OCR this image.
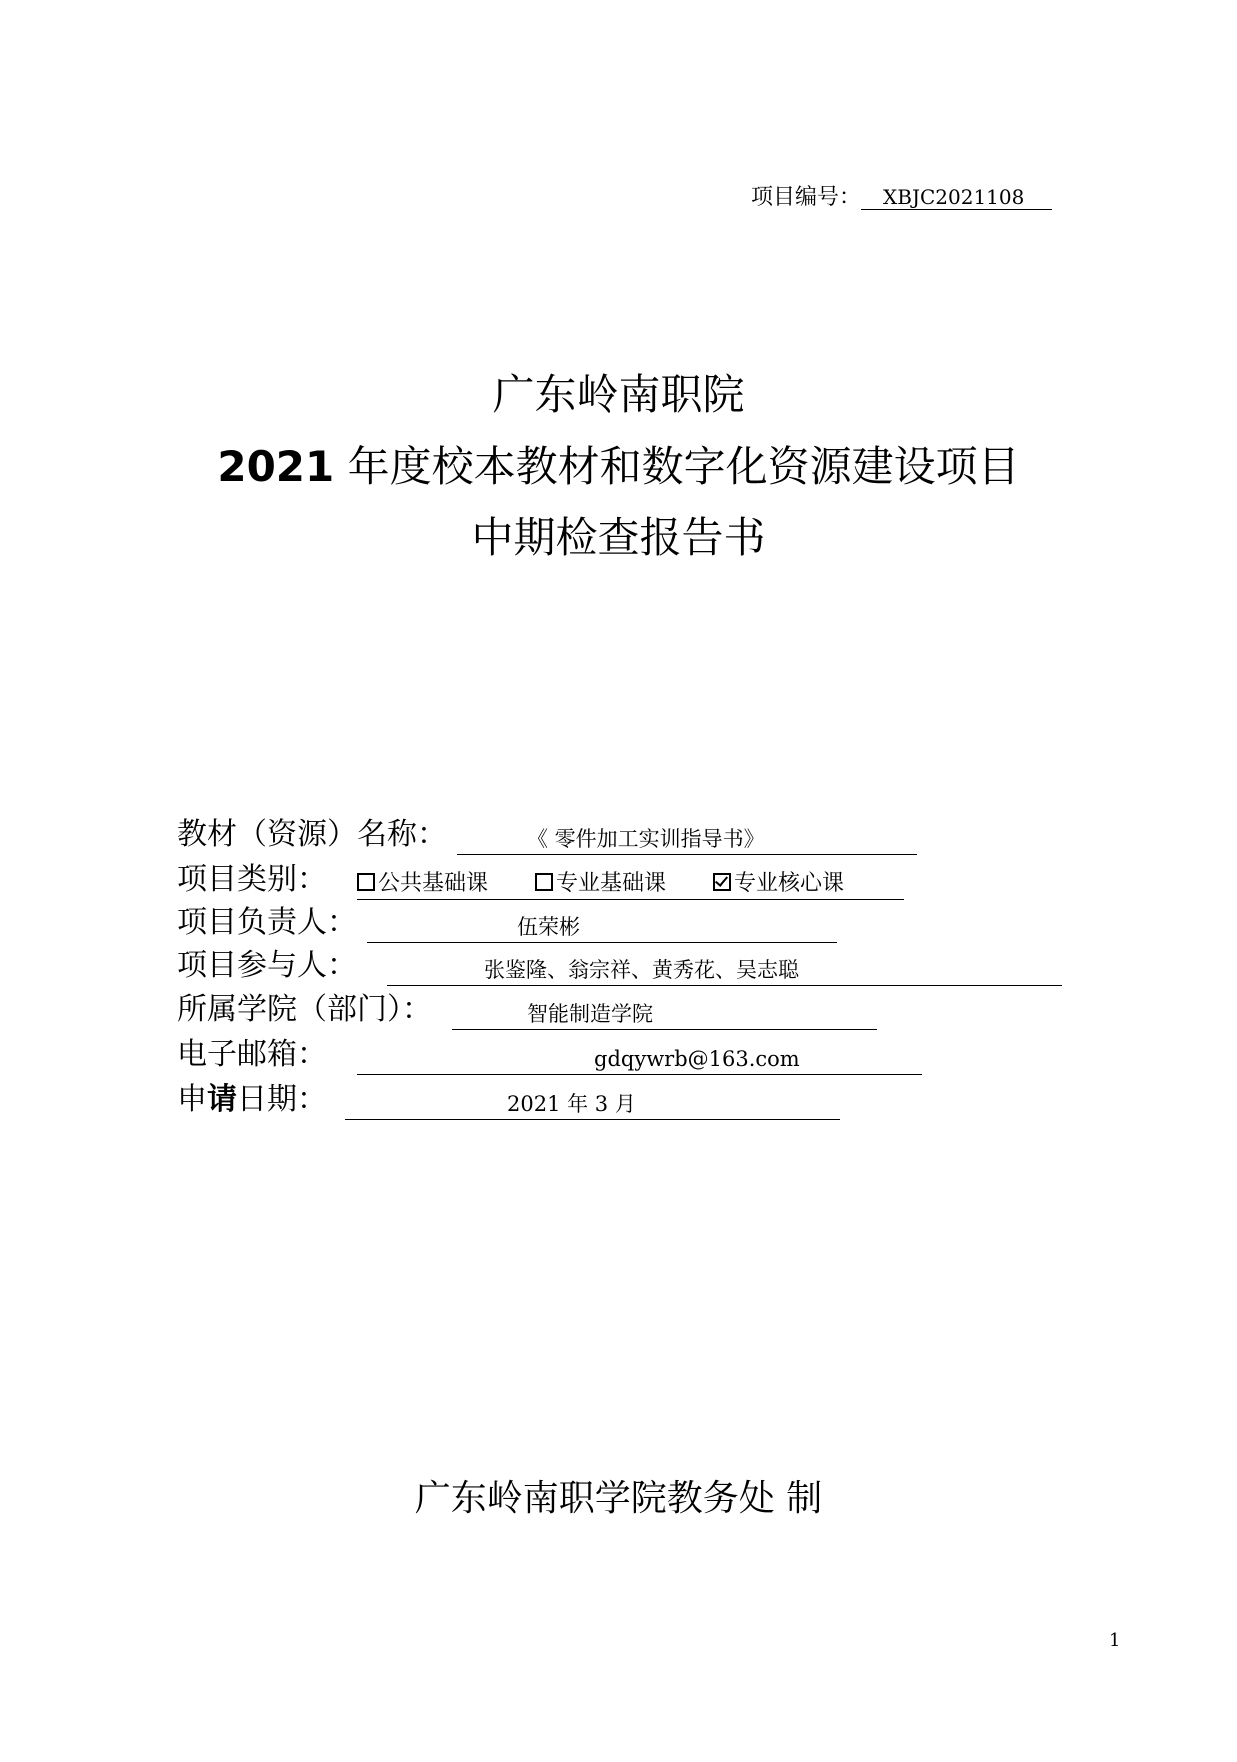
项目编号： XBJC2021108
广东岭南职院
2021 年度校本教材和数字化资源建设项目
中期检查报告书
教材（资源）名称：	《 零件加工实训指导书》
项目类别： 公共基础课	专业基础课	专业核心课
项目负责人：	伍荣彬
项目参与人：	张鉴隆、翁宗祥、黄秀花、吴志聪
所属学院（部门）：	智能制造学院
电子邮箱：	gdqywrb@163.com
申请日期：	2021 年 3 月
广东岭南职学院教务处 制
1
